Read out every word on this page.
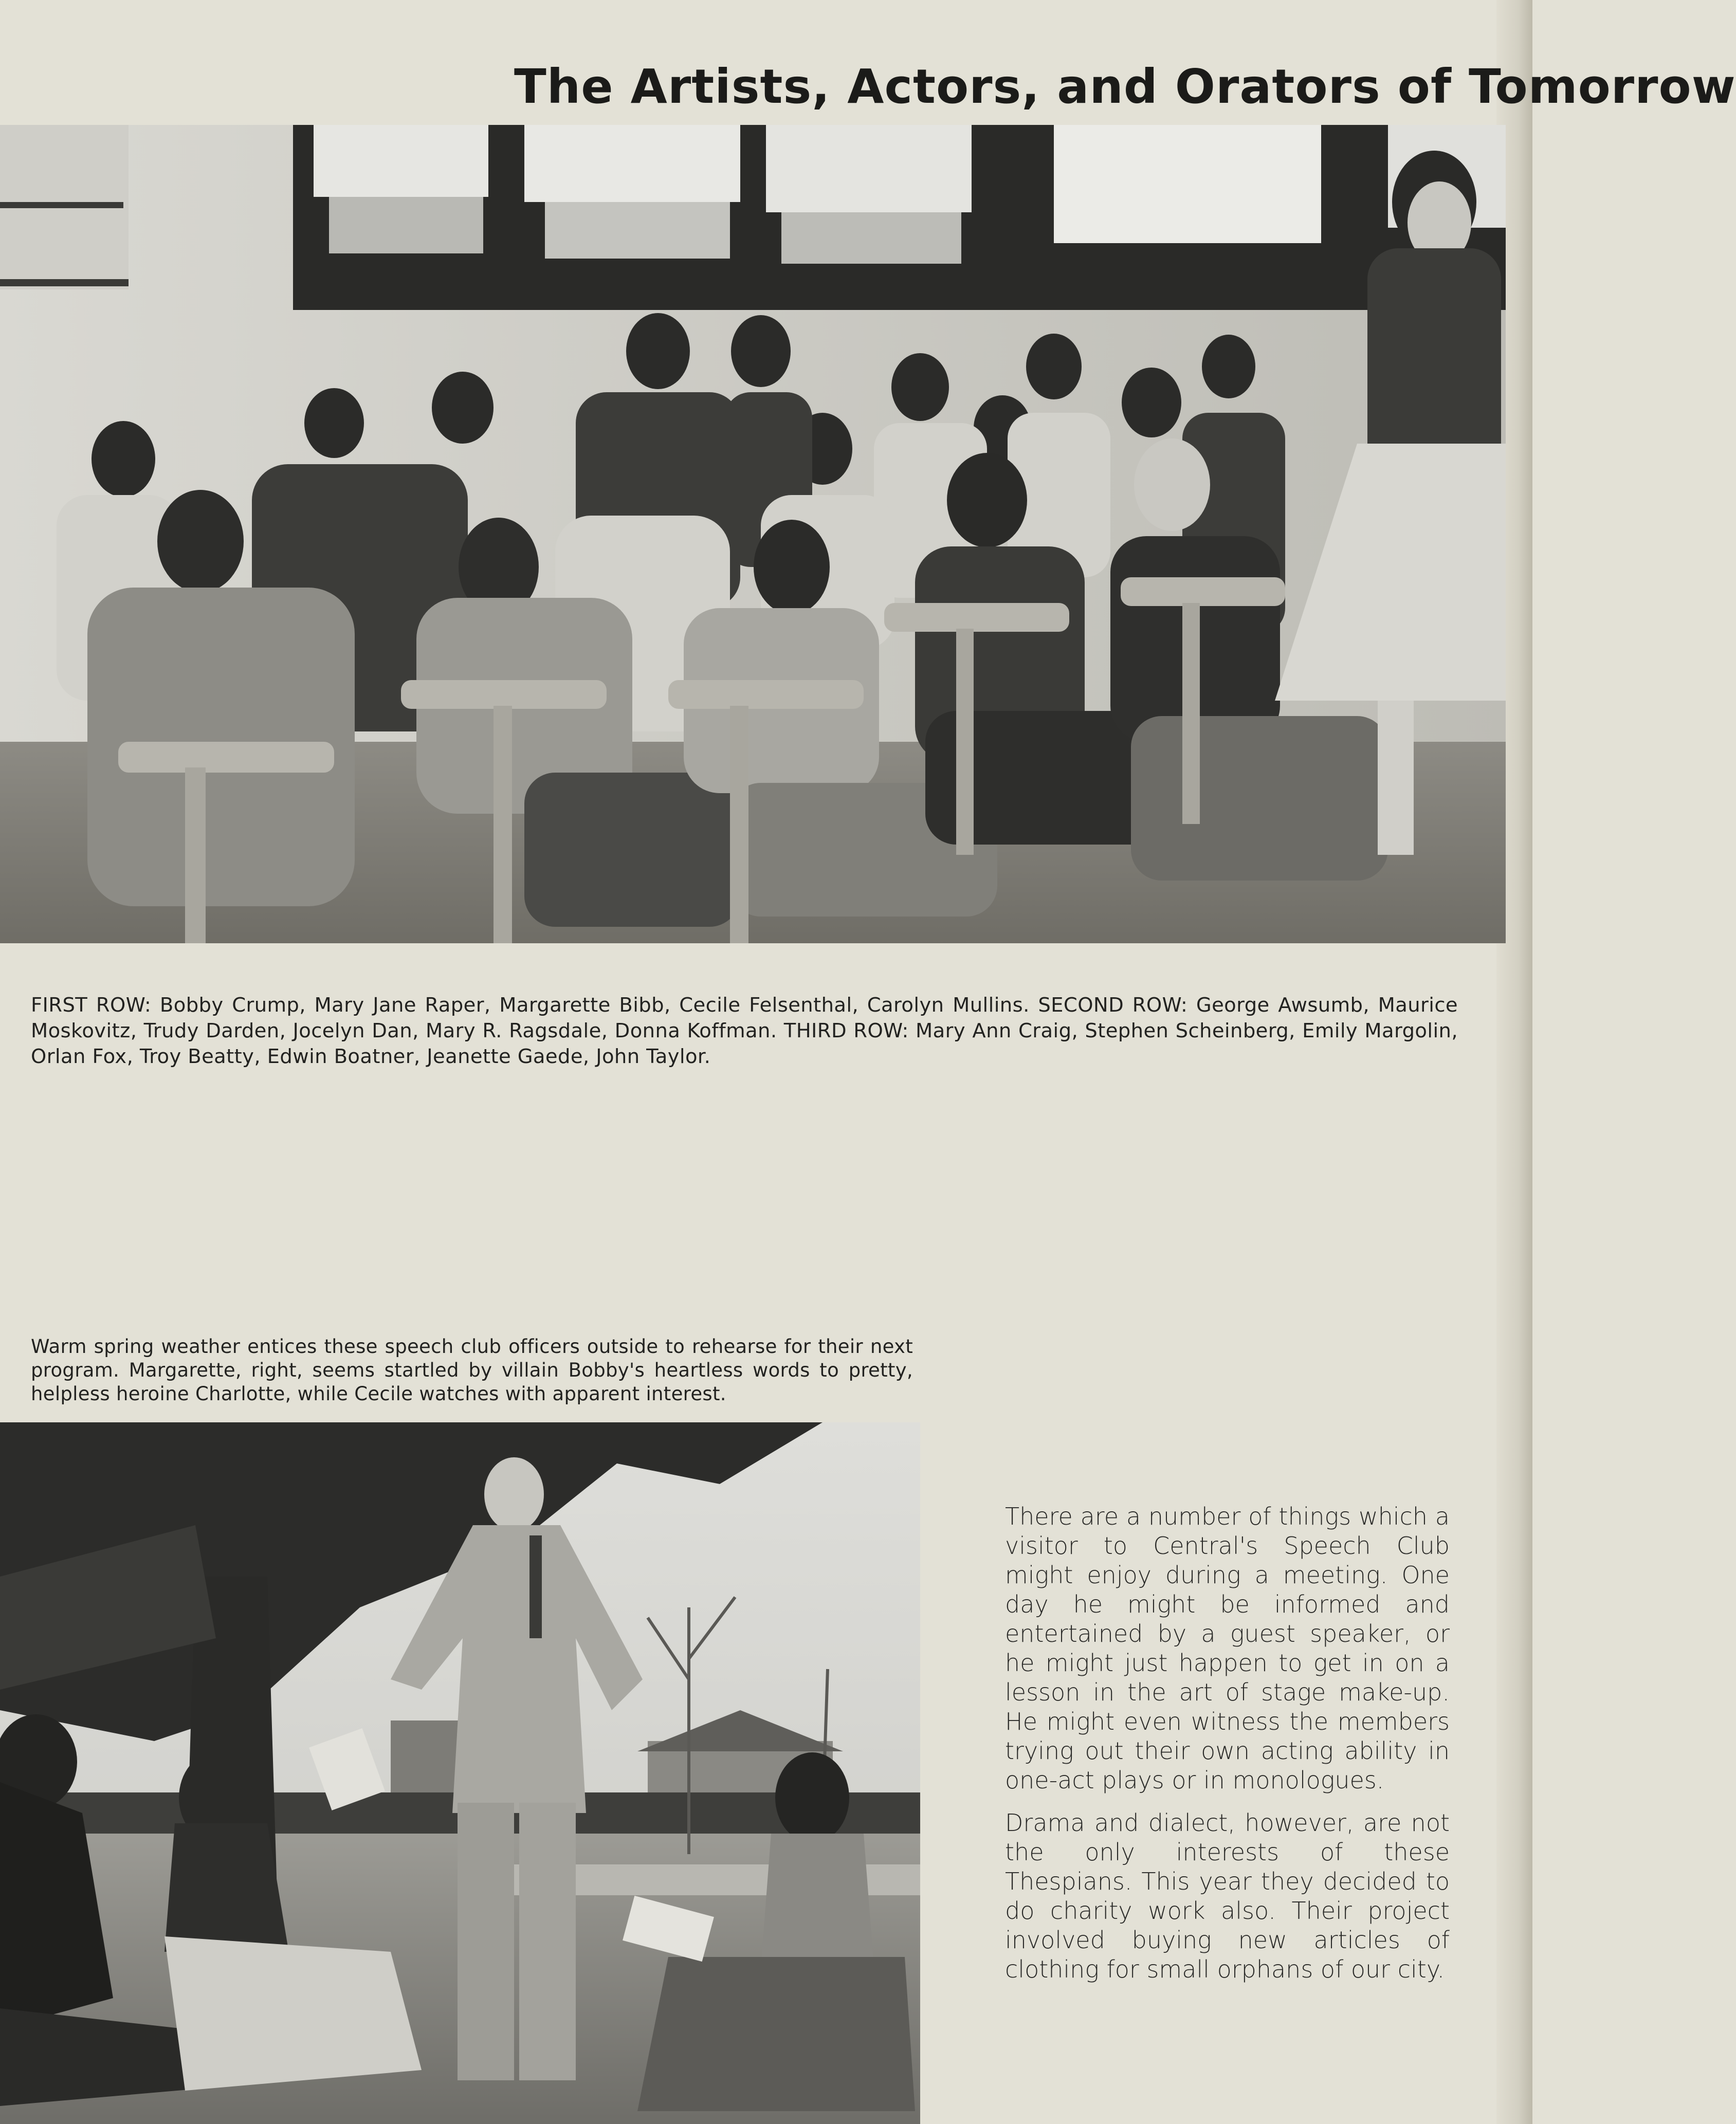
The Artists, Actors, and Orators of Tomorrow

FIRST ROW: Bobby Crump, Mary Jane Raper, Margarette Bibb, Cecile Felsenthal, Carolyn Mullins. SECOND ROW: George Awsumb, Maurice Moskovitz, Trudy Darden, Jocelyn Dan, Mary R. Ragsdale, Donna Koffman. THIRD ROW: Mary Ann Craig, Stephen Scheinberg, Emily Margolin, Orlan Fox, Troy Beatty, Edwin Boatner, Jeanette Gaede, John Taylor.

Warm spring weather entices these speech club officers outside to rehearse for their next program. Margarette, right, seems startled by villain Bobby's heartless words to pretty, helpless heroine Charlotte, while Cecile watches with apparent interest.

There are a number of things which a visitor to Central's Speech Club might enjoy during a meeting. One day he might be informed and entertained by a guest speaker, or he might just happen to get in on a lesson in the art of stage make-up. He might even witness the members trying out their own acting ability in one-act plays or in monologues.

Drama and dialect, however, are not the only interests of these Thespians. This year they decided to do charity work also. Their project involved buying new articles of clothing for small orphans of our city.
